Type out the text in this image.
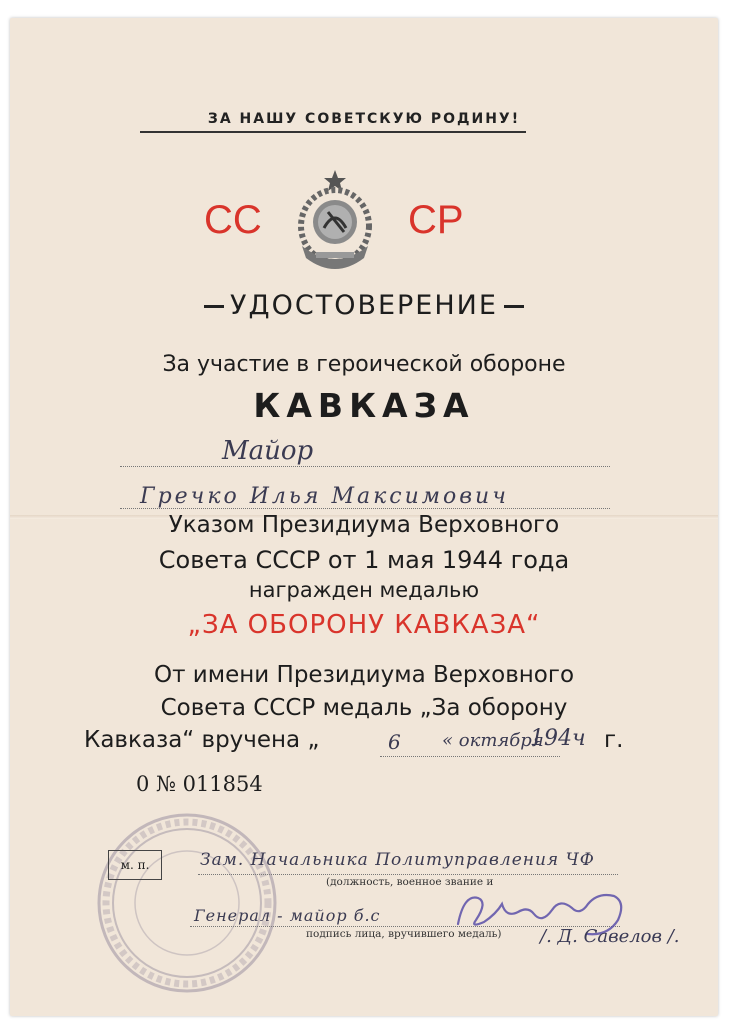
ЗА НАШУ СОВЕТСКУЮ РОДИНУ!
СС	СР
УДОСТОВЕРЕНИЕ
За участие в героической обороне
КАВКАЗА
Майор
Гречко Илья Максимович
Указом Президиума Верховного
Совета СССР от 1 мая 1944 года
награжден медалью
„ЗА ОБОРОНУ КАВКАЗА“
От имени Президиума Верховного
Совета СССР медаль „За оборону
Кавказа“ вручена „	6 « октября
194ч г.
0 № 011854
м. п.	Зам. Начальника Политуправления ЧФ
(должность, военное звание и
Генерал - майор б.с
подпись лица, вручившего медаль) /. Д. Савелов /.
